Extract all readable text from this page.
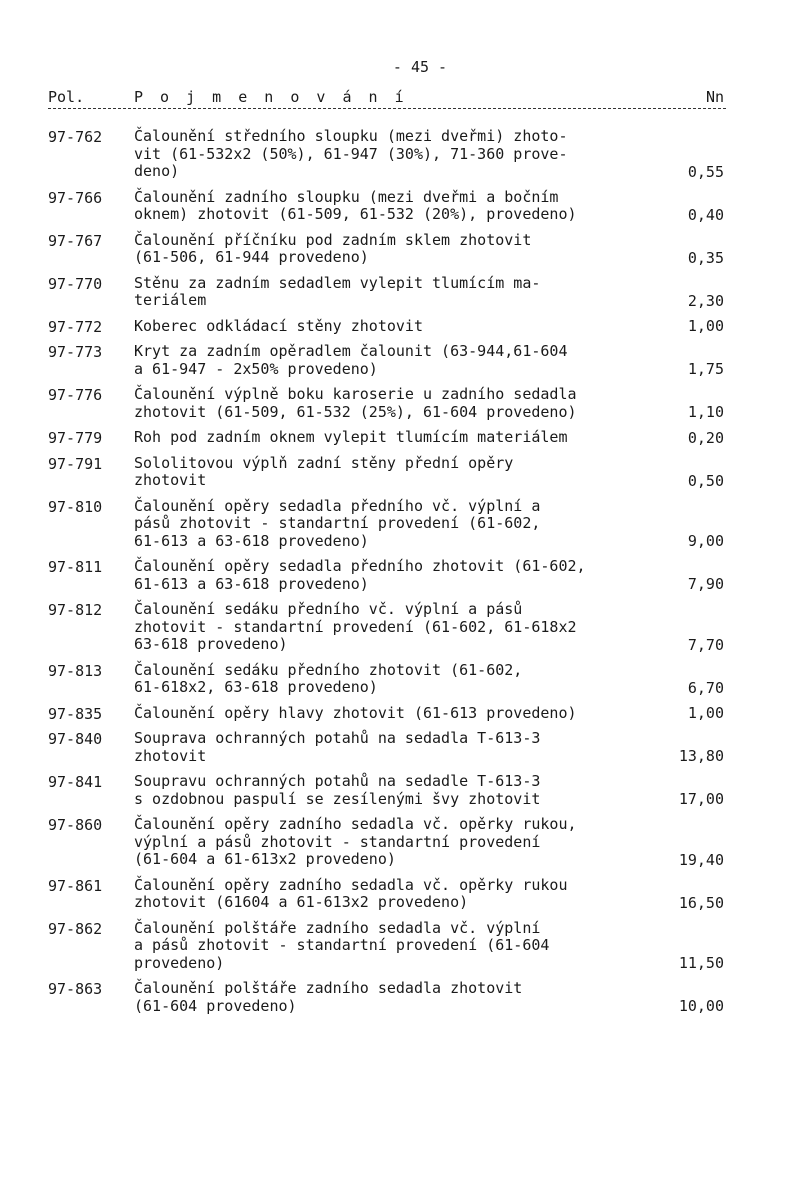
- 45 -
Pol.	P o j m e n o v á n í	Nn
97-762 Čalounění středního sloupku (mezi dveřmi) zhoto-
vit (61-532x2 (50%), 61-947 (30%), 71-360 prove-
deno)	0,55
97-766 Čalounění zadního sloupku (mezi dveřmi a bočním
oknem) zhotovit (61-509, 61-532 (20%), provedeno)	0,40
97-767 Čalounění příčníku pod zadním sklem zhotovit
(61-506, 61-944 provedeno)	0,35
97-770 Stěnu za zadním sedadlem vylepit tlumícím ma-
teriálem	2,30
97-772 Koberec odkládací stěny zhotovit	1,00
97-773 Kryt za zadním opěradlem čalounit (63-944,61-604
a 61-947 - 2x50% provedeno)	1,75
97-776 Čalounění výplně boku karoserie u zadního sedadla
zhotovit (61-509, 61-532 (25%), 61-604 provedeno)	1,10
97-779 Roh pod zadním oknem vylepit tlumícím materiálem	0,20
97-791 Sololitovou výplň zadní stěny přední opěry
zhotovit	0,50
97-810 Čalounění opěry sedadla předního vč. výplní a
pásů zhotovit - standartní provedení (61-602,
61-613 a 63-618 provedeno)	9,00
97-811 Čalounění opěry sedadla předního zhotovit (61-602,
61-613 a 63-618 provedeno)	7,90
97-812 Čalounění sedáku předního vč. výplní a pásů
zhotovit - standartní provedení (61-602, 61-618x2
63-618 provedeno)	7,70
97-813 Čalounění sedáku předního zhotovit (61-602,
61-618x2, 63-618 provedeno)	6,70
97-835 Čalounění opěry hlavy zhotovit (61-613 provedeno)	1,00
97-840 Souprava ochranných potahů na sedadla T-613-3
zhotovit	13,80
97-841 Soupravu ochranných potahů na sedadle T-613-3
s ozdobnou paspulí se zesílenými švy zhotovit	17,00
97-860 Čalounění opěry zadního sedadla vč. opěrky rukou,
výplní a pásů zhotovit - standartní provedení
(61-604 a 61-613x2 provedeno)	19,40
97-861 Čalounění opěry zadního sedadla vč. opěrky rukou
zhotovit (61604 a 61-613x2 provedeno)	16,50
97-862 Čalounění polštáře zadního sedadla vč. výplní
a pásů zhotovit - standartní provedení (61-604
provedeno)	11,50
97-863 Čalounění polštáře zadního sedadla zhotovit
(61-604 provedeno)	10,00
